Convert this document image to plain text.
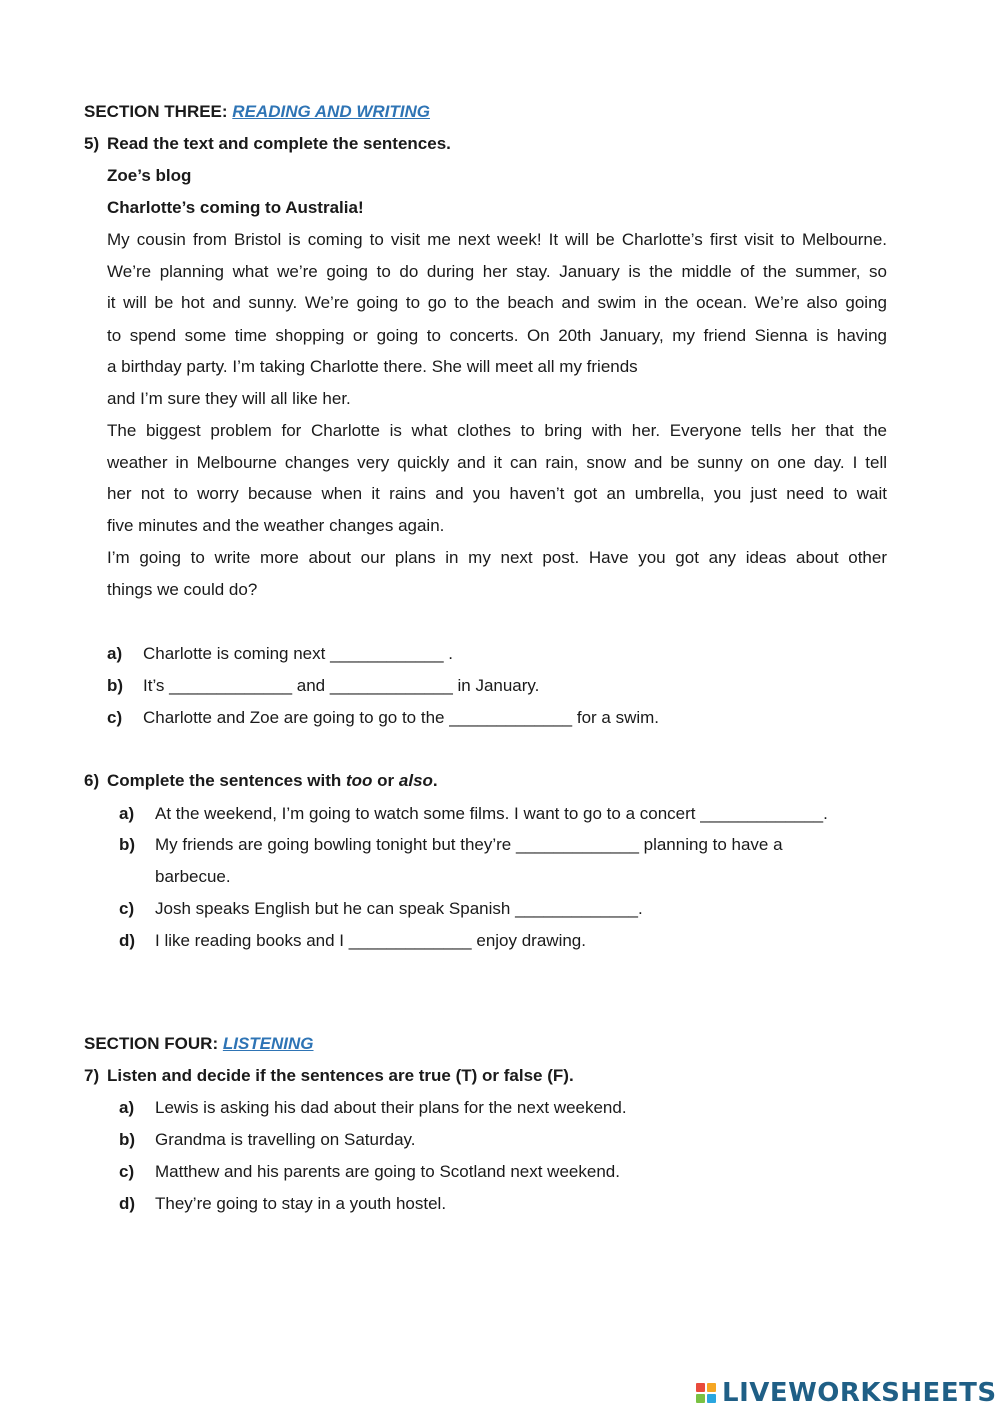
SECTION THREE: READING AND WRITING
5) Read the text and complete the sentences.
Zoe’s blog
Charlotte’s coming to Australia!
My cousin from Bristol is coming to visit me next week! It will be Charlotte’s first visit to Melbourne.
We’re planning what we’re going to do during her stay. January is the middle of the summer, so
it will be hot and sunny. We’re going to go to the beach and swim in the ocean. We’re also going
to spend some time shopping or going to concerts. On 20th January, my friend Sienna is having
a birthday party. I’m taking Charlotte there. She will meet all my friends
and I’m sure they will all like her.
The biggest problem for Charlotte is what clothes to bring with her. Everyone tells her that the
weather in Melbourne changes very quickly and it can rain, snow and be sunny on one day. I tell
her not to worry because when it rains and you haven’t got an umbrella, you just need to wait
five minutes and the weather changes again.
I’m going to write more about our plans in my next post. Have you got any ideas about other
things we could do?
a) Charlotte is coming next ____________ .
b) It’s _____________ and _____________ in January.
c) Charlotte and Zoe are going to go to the _____________ for a swim.
6) Complete the sentences with too or also.
a) At the weekend, I’m going to watch some films. I want to go to a concert _____________.
b) My friends are going bowling tonight but they’re _____________ planning to have a
barbecue.
c) Josh speaks English but he can speak Spanish _____________.
d) I like reading books and I _____________ enjoy drawing.
SECTION FOUR: LISTENING
7) Listen and decide if the sentences are true (T) or false (F).
a) Lewis is asking his dad about their plans for the next weekend.
b) Grandma is travelling on Saturday.
c) Matthew and his parents are going to Scotland next weekend.
d) They’re going to stay in a youth hostel.
LIVEWORKSHEETS
